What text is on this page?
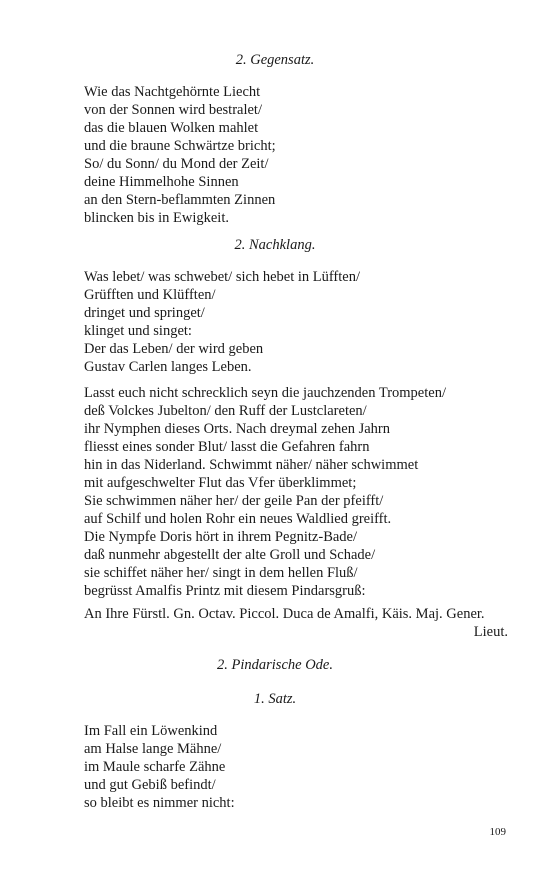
2. Gegensatz.
Wie das Nachtgehörnte Liecht
von der Sonnen wird bestralet/
das die blauen Wolken mahlet
und die braune Schwärtze bricht;
So/ du Sonn/ du Mond der Zeit/
deine Himmelhohe Sinnen
an den Stern-beflammten Zinnen
blincken bis in Ewigkeit.
2. Nachklang.
Was lebet/ was schwebet/ sich hebet in Lüfften/
Grüfften und Klüfften/
dringet und springet/
klinget und singet:
Der das Leben/ der wird geben
Gustav Carlen langes Leben.
Lasst euch nicht schrecklich seyn die jauchzenden Trompeten/
deß Volckes Jubelton/ den Ruff der Lustclareten/
ihr Nymphen dieses Orts. Nach dreymal zehen Jahrn
fliesst eines sonder Blut/ lasst die Gefahren fahrn
hin in das Niderland. Schwimmt näher/ näher schwimmet
mit aufgeschwelter Flut das Vfer überklimmet;
Sie schwimmen näher her/ der geile Pan der pfeifft/
auf Schilf und holen Rohr ein neues Waldlied greifft.
Die Nympfe Doris hört in ihrem Pegnitz-Bade/
daß nunmehr abgestellt der alte Groll und Schade/
sie schiffet näher her/ singt in dem hellen Fluß/
begrüsst Amalfis Printz mit diesem Pindarsgruß:
An Ihre Fürstl. Gn. Octav. Piccol. Duca de Amalfi, Käis. Maj. Gener.
Lieut.
2. Pindarische Ode.
1. Satz.
Im Fall ein Löwenkind
am Halse lange Mähne/
im Maule scharfe Zähne
und gut Gebiß befindt/
so bleibt es nimmer nicht:
109
